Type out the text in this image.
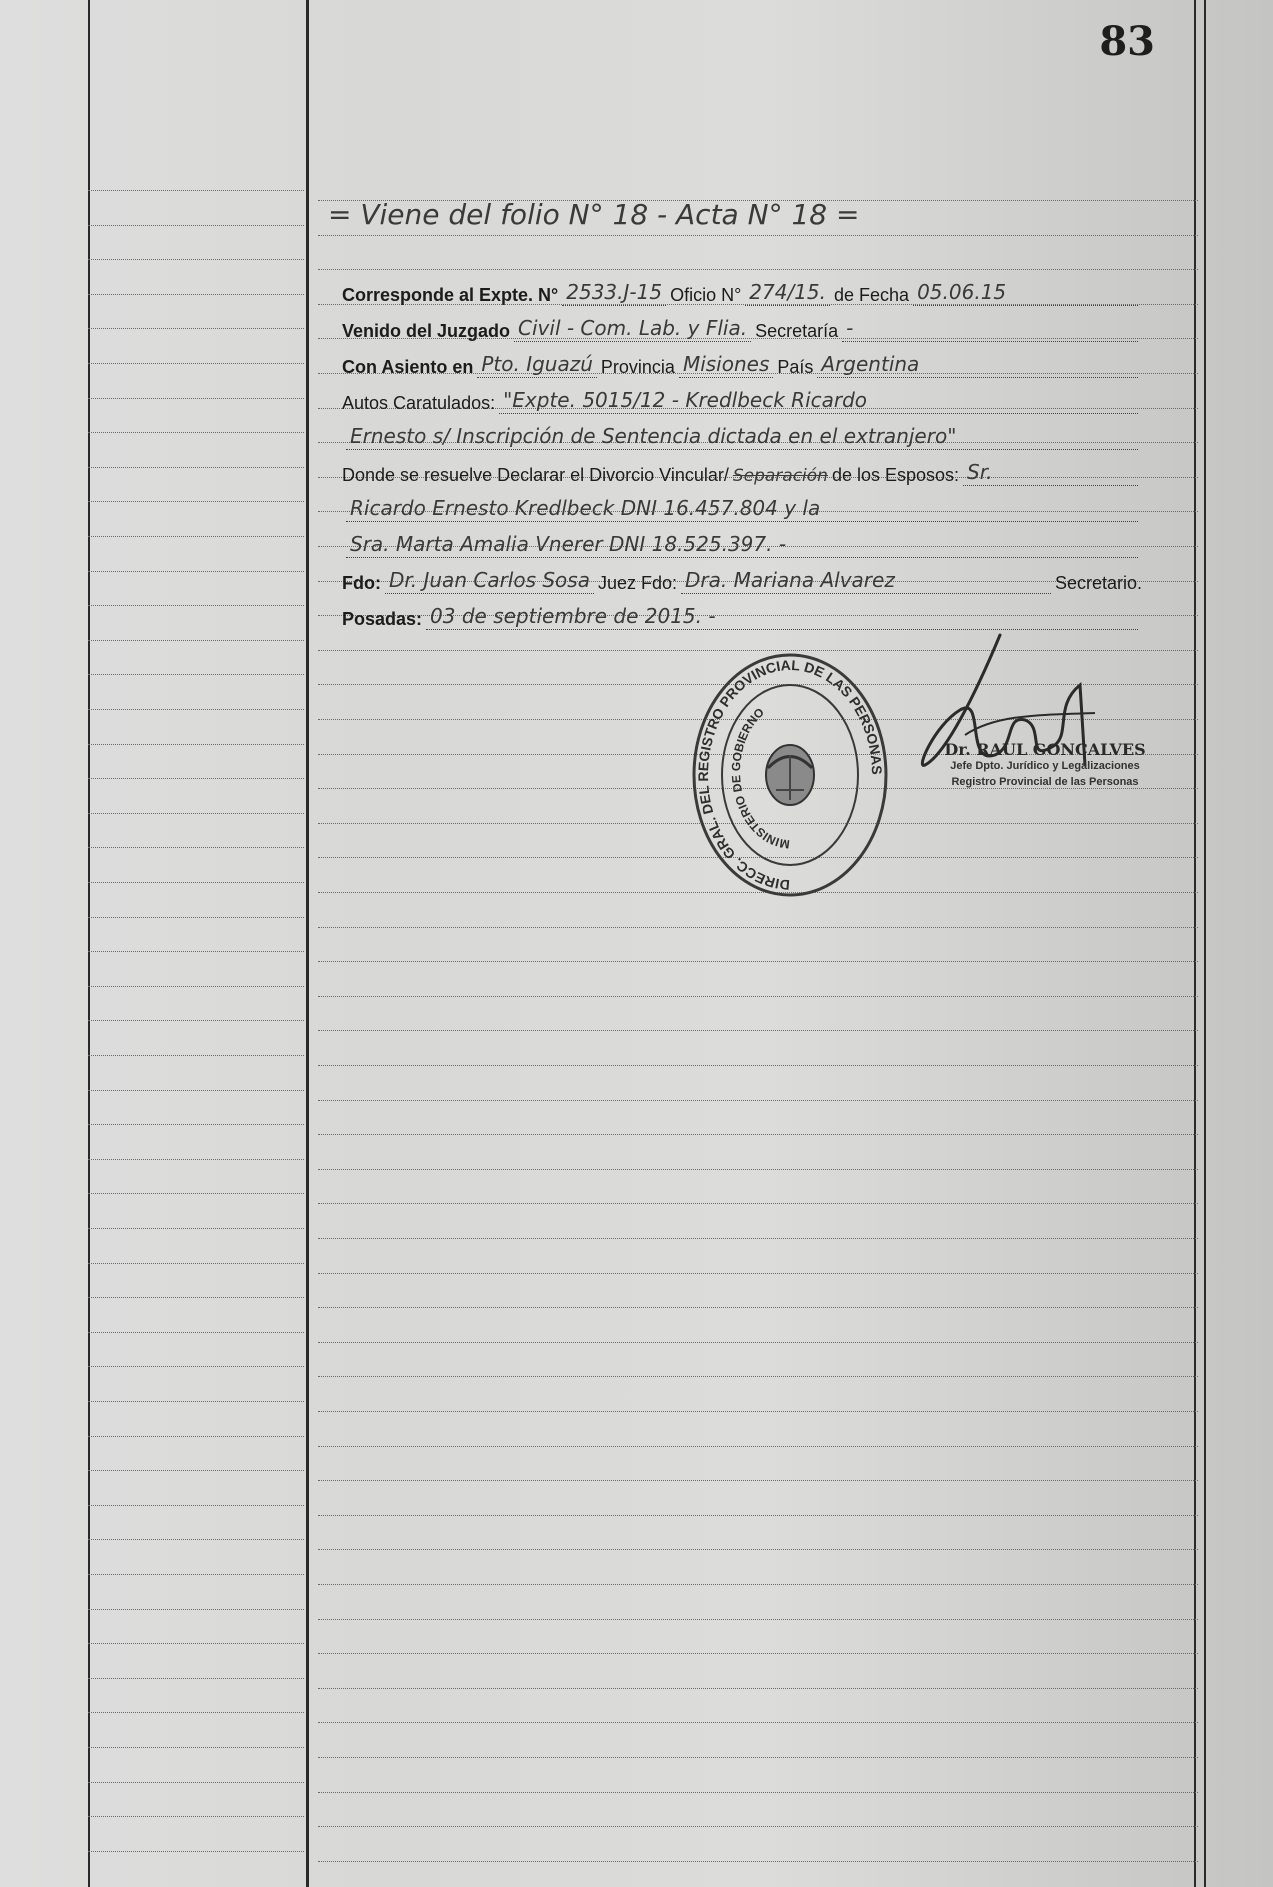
83
= Viene del folio N° 18 - Acta N° 18 =
Corresponde al Expte. N° 2533.J-15 Oficio N° 274/15. de Fecha 05.06.15
Venido del Juzgado Civil - Com. Lab. y Flia. Secretaría -
Con Asiento en Pto. Iguazú Provincia Misiones País Argentina
Autos Caratulados: "Expte. 5015/12 - Kredlbeck Ricardo
Ernesto s/ Inscripción de Sentencia dictada en el extranjero"
Donde se resuelve Declarar el Divorcio Vincular/ Separación de los Esposos: Sr.
Ricardo Ernesto Kredlbeck DNI 16.457.804 y la
Sra. Marta Amalia Vnerer DNI 18.525.397. -
Fdo: Dr. Juan Carlos Sosa Juez Fdo: Dra. Mariana Alvarez	Secretario.
Posadas: 03 de septiembre de 2015. -
DIRECC. GRAL. DEL REGISTRO PROVINCIAL DE LAS PERSONAS
MINISTERIO DE GOBIERNO
Dr. RAUL GONCALVES
Jefe Dpto. Jurídico y Legalizaciones
Registro Provincial de las Personas
